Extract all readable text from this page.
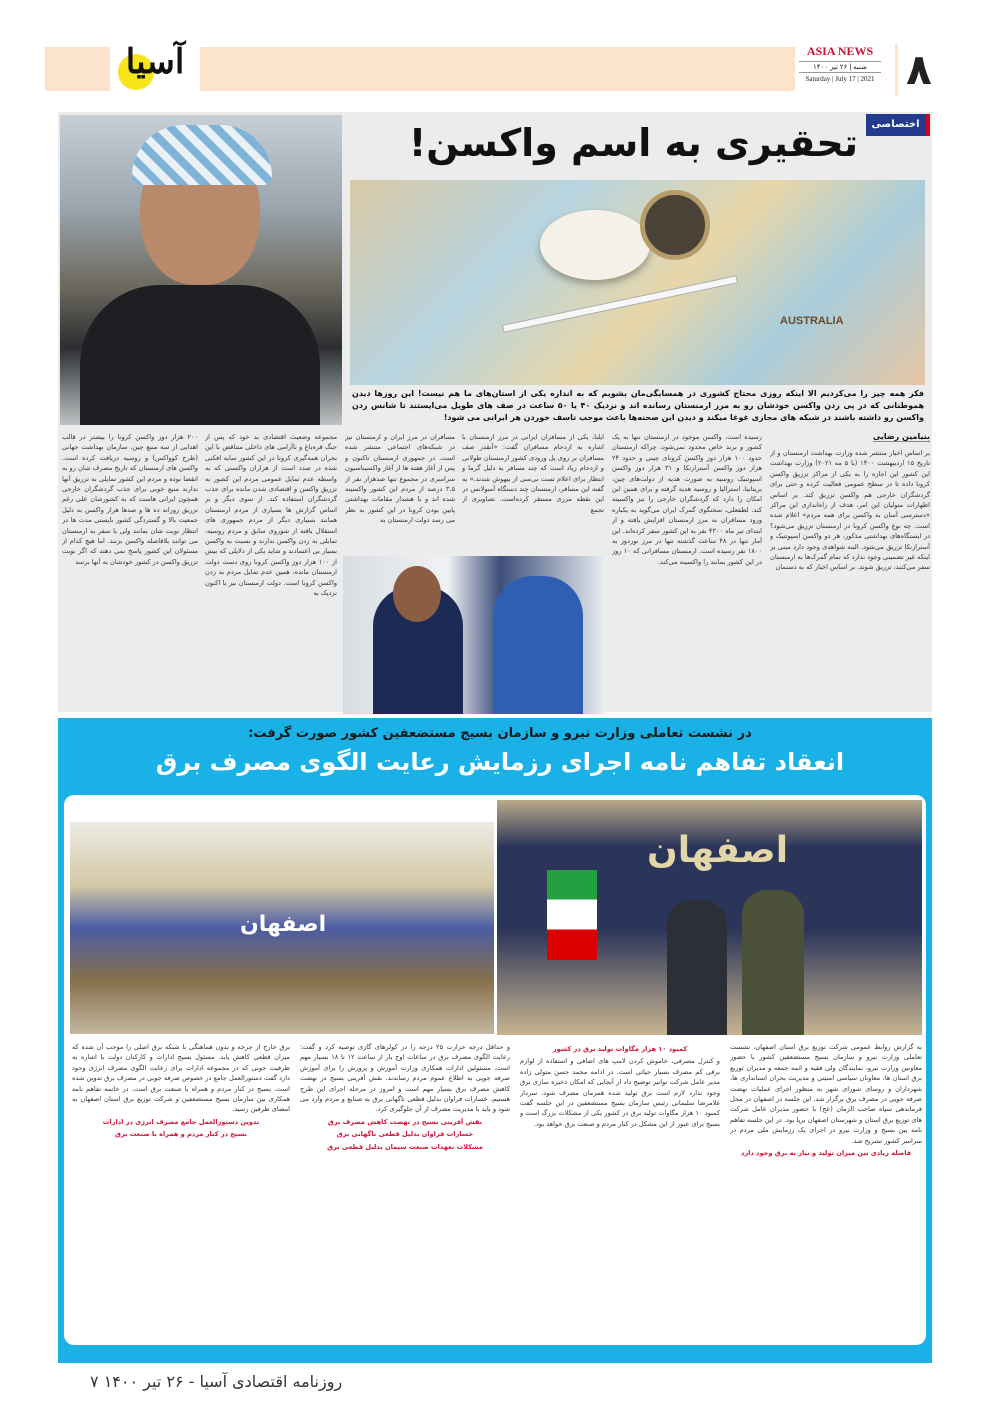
آسیا	ASIA NEWS
شنبه | ۲۶ تیر ۱۴۰۰
Saturday | July 17 | 2021 ۸
اختصاصی
AUSTRALIA
تحقیری به اسم واکسن!
فکر همه چیز را می‌کردیم الا اینکه روزی محتاج کشوری در همسایگی‌مان بشویم که به اندازه یکی از استان‌های ما هم نیست! این روزها دیدن هموطنانی که در پی زدن واکسن خودشان رو به مرز ارمنستان رسانده اند و نزدیک ۴۰ یا ۵۰ ساعت در صف های طویل می‌ایستند تا شانس زدن واکسن رو داشته باشند در شبکه های مجازی غوغا میکند و دیدن این صحنه‌ها باعث موجب تاسف خوردن هر ایرانی می شود!
بنیامین رضایی
بر اساس اخبار منتشر شده وزارت بهداشت ارمنستان و از تاریخ ۱۵ اردیبهشت ۱۴۰۰ (با ۵ مه ۲۰۲۱) وزارت بهداشت این کشور این اجازه را به یکی از مراکز تزریق واکسن کرونا داده تا در سطح عمومی فعالیت کرده و حتی برای گردشگران خارجی هم واکسن تزریق کند. بر اساس اظهارات متولیان این امر، هدف از راه‌اندازی این مراکز «دسترسی آسان به واکسن برای همه مردم» اعلام شده است. چه نوع واکسن کرونا در ارمنستان تزریق می‌شود؟ در ایستگاه‌های بهداشتی مذکور، هر دو واکسن اسپوتنیک و آسترازنکا تزریق می‌شود. البته شواهدی وجود دارد مبنی بر اینکه غیر تضمینی وجود ندارد که تمام گمرک‌ها به ارمنستان سفر می‌کنند، تزریق شوند. بر اساس اخبار که به دستمان
رسیده است، واکسن موجود در ارمنستان تنها به یک کشور و برند خاص محدود نمی‌شود، چراکه ارمنستان حدود ۱۰۰ هزار دوز واکسن کرونای چینی و حدود ۲۴ هزار دوز واکسن آسترازنکا و ۳۱ هزار دوز واکسن اسپوتنیک روسیه به صورت هدیه از دولت‌های چین، بریتانیا، استرالیا و روسیه هدیه گرفته و برای همین این امکان را دارد که گردشگران خارجی را نیز واکسینه کند. لطفعلی، سخنگوی گمرک ایران می‌گوید به یکباره ورود مسافران به مرز ارمنستان افزایش یافته و از ابتدای تیر ماه ۴۳۰۰ نفر به این کشور سفر کرده‌اند. این آمار تنها در ۴۸ ساعت گذشته تنها در مرز نوردوز به ۱۸۰۰ نفر رسیده است. ارمنستان مسافرانی که ۱۰ روز در این کشور بمانند را واکسینه می‌کند.
ایلنا، یکی از مسافران ایرانی در مرز ارمنستان با اشاره به ازدحام مسافران گفت: «آنقدر صف مسافران بر روی پل ورودی کشور ارمنستان طولانی و ازدحام زیاد است که چند مسافر به دلیل گرما و انتظار برای اعلام تست بی‌سی از بیهوش شدند.» به گفته این مسافر، ارمنستان چند دستگاه آمبولانس در این نقطه مرزی مستقر کرده‌است. تصاویری از تجمع
مسافران در مرز ایران و ارمنستان نیز در شبکه‌های اجتماعی منتشر شده است. در جمهوری ارمنستان تاکنون و پس از آغاز هفته ها از آغاز واکسیناسیون سراسری در مجموع تنها صدهزار نفر از ۳.۵ درصد از مردم این کشور واکسینه شده اند و با هشدار مقامات بهداشتی پایین بودن کرونا در این کشور به نظر می رسد دولت ارمنستان به
مجموعه وضعیت اقتصادی بد خود که پس از جنگ قره‌باغ و ناآرامی های داخلی متناقض با این بحران همه‌گیری کرونا در این کشور سایه افکنی شده در صدد است از هزاران واکسنی که به واسطه عدم تمایل عمومی مردم این کشور به تزریق واکسن و اقتصادی شدن مانده برای جذب گردشگران استفاده کند. از سوی دیگر و بر اساس گزارش ها بسیاری از مردم ارمنستان همانند بسیاری دیگر از مردم جمهوری های استقلال یافته از شوروی سابق و مردم روسیه، تمایلی به زدن واکسن ندارند و نسبت به واکسن بسیار بی اعتمادند و شاید یکی از دلایلی که بیش از ۱۰۰ هزار دوز واکسن کرونا روی دست دولت ارمنستان مانده، همین عدم تمایل مردم به زدن واکسن کرونا است. دولت ارمنستان نیز با اکنون نزدیک به
۲۰۰ هزار دوز واکسن کرونا را بیشتر در قالب اهدایی از سه منبع چین، سازمان بهداشت جهانی (طرح کوواکس) و روسیه دریافت کرده است. واکسن های ارمنستان که تاریخ مصرف شان رو به انقضا بوده و مردم این کشور تمایلی به تزریق آنها ندارند منبع خوبی برای جذب گردشگران خارجی همچون ایرانی هاست که به کشورشان علی رغم تزریق روزانه ده ها و صدها هزار واکسن به دلیل جمعیت بالا و گستردگی کشور بایستی مدت ها در انتظار نوبت شان بمانند ولی با سفر به ارمنستان می توانند بلافاصله واکسن بزنند. اما هیچ کدام از مسئولان این کشور پاسخ نمی دهند که اگر نوبت تزریق واکسن در کشور خودشان به آنها برسد
در نشست تعاملی وزارت نیرو و سازمان بسیج مستضعفین کشور صورت گرفت:
انعقاد تفاهم نامه اجرای رزمایش رعایت الگوی مصرف برق
اصفهان
اصفهان
به گزارش روابط عمومی شرکت توزیع برق استان اصفهان، نشست تعاملی وزارت نیرو و سازمان بسیج مستضعفین کشور با حضور معاونین وزارت نیرو، نمایندگان ولی فقیه و ائمه جمعه و مدیران توزیع برق استان ها، معاونان سیاسی امنیتی و مدیریت بحران استانداری ها، شهرداران و روسای شورای شهر به منظور اجرای عملیات نهضت صرفه جویی در مصرف برق برگزار شد. این جلسه در اصفهان در محل فرماندهی سپاه صاحب الزمان (عج) با حضور مدیران عامل شرکت های توزیع برق استان و شهرستان اصفهان برپا بود. در این جلسه تفاهم نامه بین بسیج و وزارت نیرو در اجرای یک رزمایش ملی مردم در سراسر کشور تشریح شد.
فاصله زیادی بین میزان تولید و نیاز به برق وجود دارد
کمبود ۱۰ هزار مگاوات تولید برق در کشور
و کنترل مصرفی، خاموش کردن لامپ های اضافی و استفاده از لوازم برقی کم مصرف بسیار حیاتی است. در ادامه محمد حسن متولی زاده مدیر عامل شرکت توانیر توضیح داد از آنجایی که امکان ذخیره سازی برق وجود ندارد لازم است برق تولید شده همزمان مصرف شود. سردار غلامرضا سلیمانی رئیس سازمان بسیج مستضعفین در این جلسه گفت کمبود ۱۰ هزار مگاوات تولید برق در کشور یکی از مشکلات بزرگ است و بسیج برای عبور از این مشکل در کنار مردم و صنعت برق خواهد بود.
و حداقل درجه حرارت ۲۵ درجه را در کولرهای گازی توصیه کرد و گفت: رعایت الگوی مصرف برق در ساعات اوج بار از ساعت ۱۲ تا ۱۸ بسیار مهم است. مسئولین ادارات همکاری وزارت آموزش و پرورش را برای آموزش صرفه جویی به اطلاع عموم مردم رساندند. نقش آفرینی بسیج در نهضت کاهش مصرف برق بسیار مهم است و امروز در مرحله اجرای این طرح هستیم. خسارات فراوان بدلیل قطعی ناگهانی برق به صنایع و مردم وارد می شود و باید با مدیریت مصرف از آن جلوگیری کرد.
نقش آفرینی بسیج در نهضت کاهش مصرف برق
خسارات فراوان بدلیل قطعی ناگهانی برق
مشکلات تعهدات صنعت سیمان بدلیل قطعی برق
برق خارج از چرخه و بدون هماهنگی با شبکه برق اصلی را موجب آن شده که میزان قطعی کاهش یابد. مسئول بسیج ادارات و کارکنان دولت با اشاره به ظرفیت خوبی که در مجموعه ادارات برای رعایت الگوی مصرف انرژی وجود دارد گفت دستورالعمل جامع در خصوص صرفه جویی در مصرف برق تدوین شده است. بسیج در کنار مردم و همراه با صنعت برق است. در خاتمه تفاهم نامه همکاری بین سازمان بسیج مستضعفین و شرکت توزیع برق استان اصفهان به امضای طرفین رسید.
تدوین دستورالعمل جامع مصرف انرژی در ادارات
بسیج در کنار مردم و همراه با صنعت برق
روزنامه اقتصادی آسیا - ۲۶ تیر ۱۴۰۰ ۷
